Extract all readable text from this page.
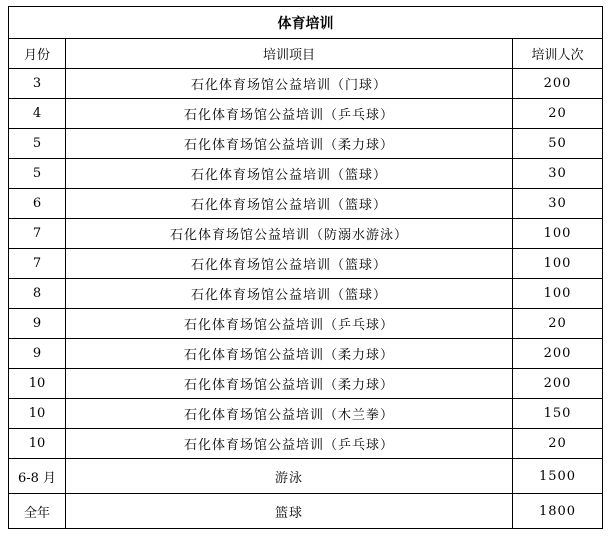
体育培训		
月份	培训项目	培训人次
3	石化体育场馆公益培训（门球）	200
4	石化体育场馆公益培训（乒乓球）	20
5	石化体育场馆公益培训（柔力球）	50
5	石化体育场馆公益培训（篮球）	30
6	石化体育场馆公益培训（篮球）	30
7	石化体育场馆公益培训（防溺水游泳）	100
7	石化体育场馆公益培训（篮球）	100
8	石化体育场馆公益培训（篮球）	100
9	石化体育场馆公益培训（乒乓球）	20
9	石化体育场馆公益培训（柔力球）	200
10	石化体育场馆公益培训（柔力球）	200
10	石化体育场馆公益培训（木兰拳）	150
10	石化体育场馆公益培训（乒乓球）	20
6-8 月	游泳	1500
全年	篮球	1800
